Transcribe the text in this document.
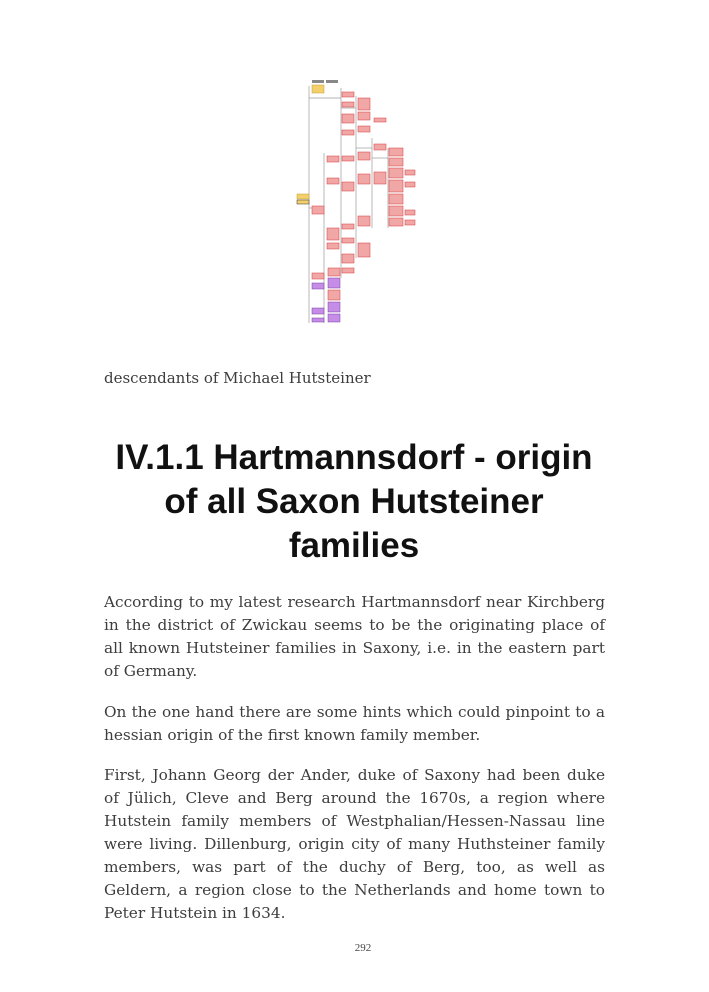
descendants of Michael Hutsteiner
IV.1.1 Hartmannsdorf - origin of all Saxon Hutsteiner families

According to my latest research Hartmannsdorf near Kirchberg in the district of Zwickau seems to be the originating place of all known Hutsteiner families in Saxony, i.e. in the eastern part of Germany.

On the one hand there are some hints which could pinpoint to a hessian origin of the first known family member.

First, Johann Georg der Ander, duke of Saxony had been duke of Jülich, Cleve and Berg around the 1670s, a region where Hutstein family members of Westphalian/Hessen-Nassau line were living. Dillenburg, origin city of many Huthsteiner family members, was part of the duchy of Berg, too, as well as Geldern, a region close to the Netherlands and home town to Peter Hutstein in 1634.

292
